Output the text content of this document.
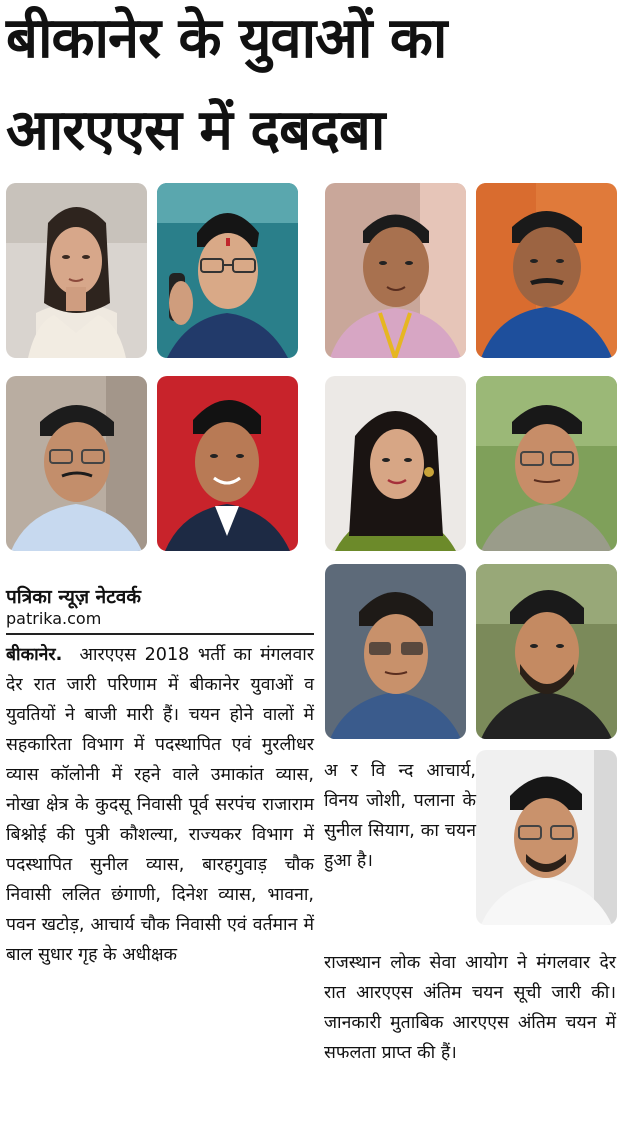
बीकानेर के युवाओं का
आरएएस में दबदबा
पत्रिका न्यूज़ नेटवर्क
patrika.com
बीकानेर. आरएएस 2018 भर्ती का मंगलवार देर रात जारी परिणाम में बीकानेर युवाओं व युवतियों ने बाजी मारी हैं। चयन होने वालों में सहकारिता विभाग में पदस्थापित एवं मुरलीधर व्यास कॉलोनी में रहने वाले उमाकांत व्यास, नोखा क्षेत्र के कुदसू निवासी पूर्व सरपंच राजाराम बिश्नोई की पुत्री कौशल्या, राज्यकर विभाग में पदस्थापित सुनील व्यास, बारहगुवाड़ चौक निवासी ललित छंगाणी, दिनेश व्यास, भावना, पवन खटोड़, आचार्य चौक निवासी एवं वर्तमान में बाल सुधार गृह के अधीक्षक
अ र वि न्द आचार्य, विनय जोशी, पलाना के सुनील सियाग, का चयन हुआ है।
राजस्थान लोक सेवा आयोग ने मंगलवार देर रात आरएएस अंतिम चयन सूची जारी की। जानकारी मुताबिक आरएएस अंतिम चयन में सफलता प्राप्त की हैं।
